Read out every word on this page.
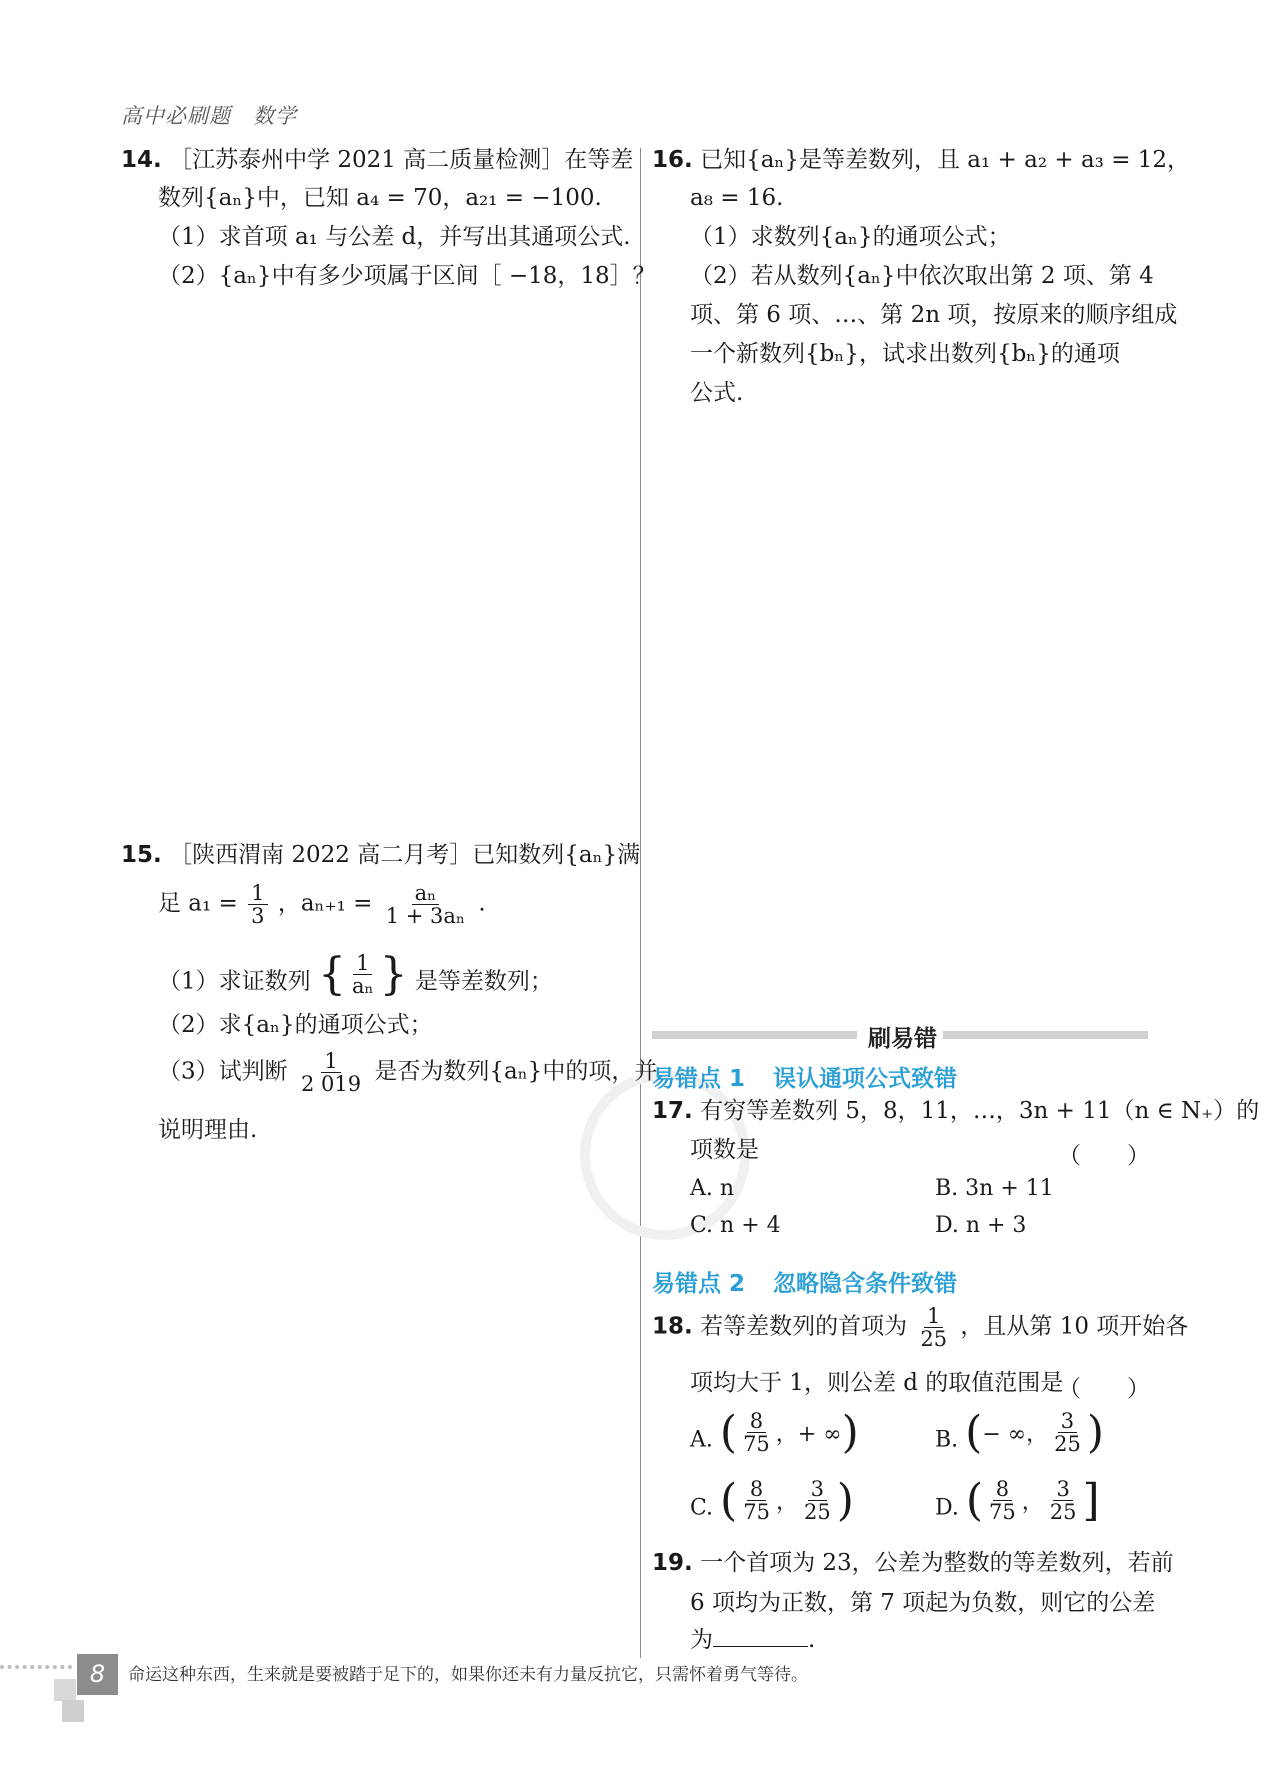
高中必刷题　数学
14. ［江苏泰州中学 2021 高二质量检测］在等差
数列{aₙ}中，已知 a₄ = 70，a₂₁ = −100.
（1）求首项 a₁ 与公差 d，并写出其通项公式.
（2）{aₙ}中有多少项属于区间［ −18，18］？
15. ［陕西渭南 2022 高二月考］已知数列{aₙ}满
足 $a_1 = \frac{1}{3}$ ，$a_{n+1} = \frac{\text{aₙ}}{\text{1 + 3aₙ}}$ .
（1）求证数列 { $\frac{1}{\text{aₙ}}$ } 是等差数列；
（2）求{aₙ}的通项公式；
（3）试判断 $\frac{1}{2 019}$ 是否为数列{aₙ}中的项，并
说明理由.
16. 已知{aₙ}是等差数列，且 a₁ + a₂ + a₃ = 12，
a₈ = 16.
（1）求数列{aₙ}的通项公式；
（2）若从数列{aₙ}中依次取出第 2 项、第 4
项、第 6 项、…、第 2n 项，按原来的顺序组成
一个新数列{bₙ}，试求出数列{bₙ}的通项
公式.
刷易错
易错点 1 误认通项公式致错
17. 有穷等差数列 5，8，11，…，3n + 11（n ∈ N₊）的
项数是	（　　）
A. n	B. 3n + 11
C. n + 4	D. n + 3
易错点 2 忽略隐含条件致错
18. 若等差数列的首项为 $\frac{1}{25}$ ，且从第 10 项开始各
项均大于 1，则公差 d 的取值范围是
（　　）
A. ( $\frac{8}{75}$ ，+ ∞ )	B. ( − ∞， $\frac{3}{25}$ )
C. ( $\frac{8}{75}$ ， $\frac{3}{25}$ )	D. ( $\frac{8}{75}$ ， $\frac{3}{25}$ ]
19. 一个首项为 23，公差为整数的等差数列，若前
6 项均为正数，第 7 项起为负数，则它的公差
为	.
8	命运这种东西，生来就是要被踏于足下的，如果你还未有力量反抗它，只需怀着勇气等待。
